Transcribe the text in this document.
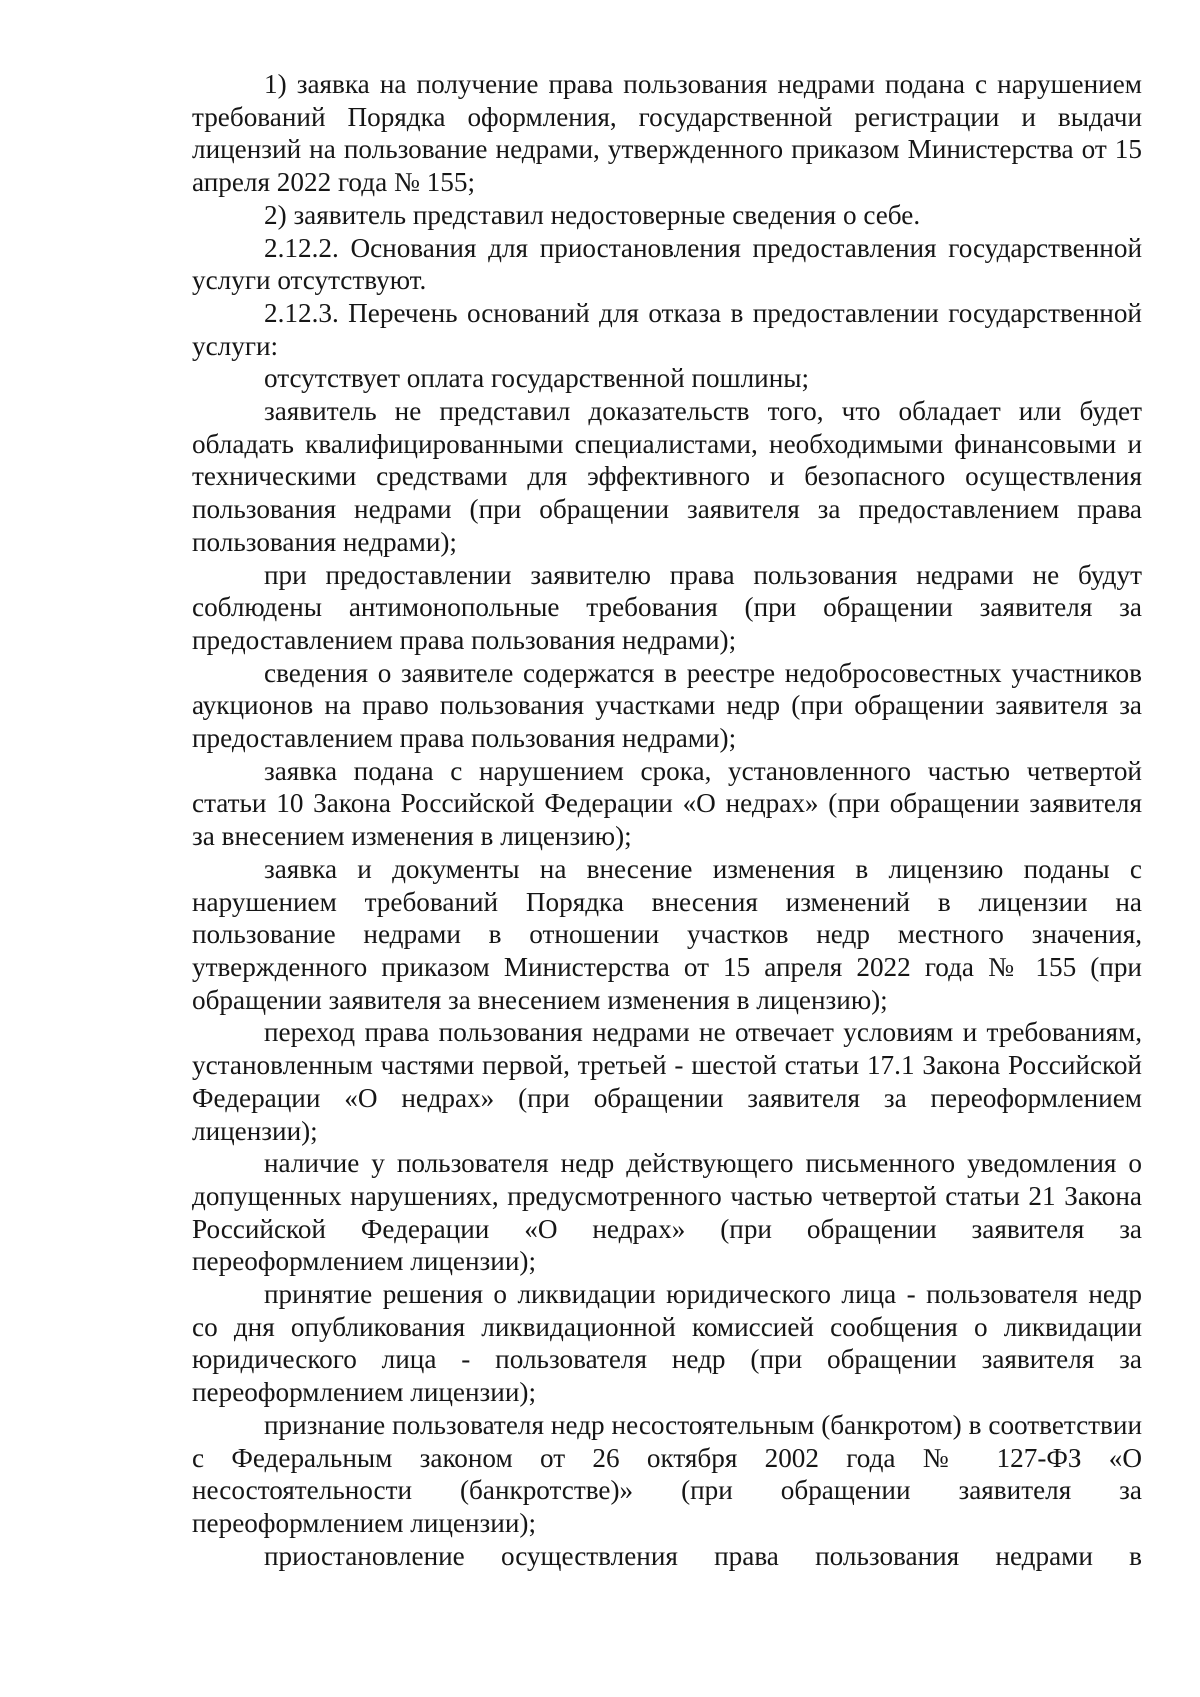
1) заявка на получение права пользования недрами подана с нарушением требований Порядка оформления, государственной регистрации и выдачи лицензий на пользование недрами, утвержденного приказом Министерства от 15 апреля 2022 года № 155;

2) заявитель представил недостоверные сведения о себе.

2.12.2. Основания для приостановления предоставления государственной услуги отсутствуют.

2.12.3. Перечень оснований для отказа в предоставлении государственной услуги:

отсутствует оплата государственной пошлины;

заявитель не представил доказательств того, что обладает или будет обладать квалифицированными специалистами, необходимыми финансовыми и техническими средствами для эффективного и безопасного осуществления пользования недрами (при обращении заявителя за предоставлением права пользования недрами);

при предоставлении заявителю права пользования недрами не будут соблюдены антимонопольные требования (при обращении заявителя за предоставлением права пользования недрами);

сведения о заявителе содержатся в реестре недобросовестных участников аукционов на право пользования участками недр (при обращении заявителя за предоставлением права пользования недрами);

заявка подана с нарушением срока, установленного частью четвертой статьи 10 Закона Российской Федерации «О недрах» (при обращении заявителя за внесением изменения в лицензию);

заявка и документы на внесение изменения в лицензию поданы с нарушением требований Порядка внесения изменений в лицензии на пользование недрами в отношении участков недр местного значения, утвержденного приказом Министерства от 15 апреля 2022 года № 155 (при обращении заявителя за внесением изменения в лицензию);

переход права пользования недрами не отвечает условиям и требованиям, установленным частями первой, третьей - шестой статьи 17.1 Закона Российской Федерации «О недрах» (при обращении заявителя за переоформлением лицензии);

наличие у пользователя недр действующего письменного уведомления о допущенных нарушениях, предусмотренного частью четвертой статьи 21 Закона Российской Федерации «О недрах» (при обращении заявителя за переоформлением лицензии);

принятие решения о ликвидации юридического лица - пользователя недр со дня опубликования ликвидационной комиссией сообщения о ликвидации юридического лица - пользователя недр (при обращении заявителя за переоформлением лицензии);

признание пользователя недр несостоятельным (банкротом) в соответствии с Федеральным законом от 26 октября 2002 года № 127-ФЗ «О несостоятельности (банкротстве)» (при обращении заявителя за переоформлением лицензии);

приостановление осуществления права пользования недрами в
